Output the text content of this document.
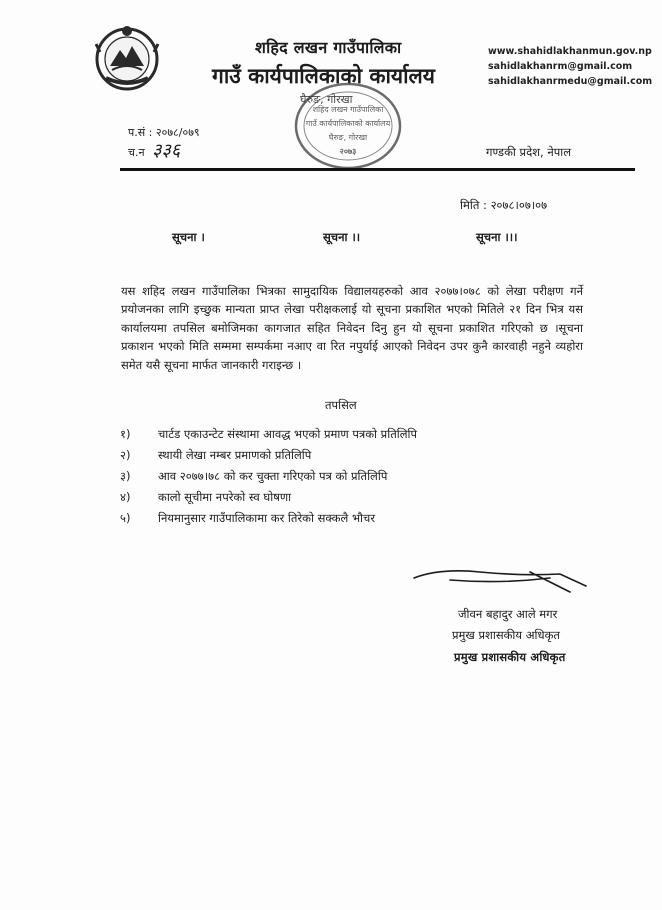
शहिद लखन गाउँपालिका
गाउँ कार्यपालिकाको कार्यालय
घैरुङ, गोरखा
www.shahidlakhanmun.gov.np
sahidlakhanrm@gmail.com
sahidlakhanrmedu@gmail.com
शहिद लखन गाउँपालिका
गाउँ कार्यपालिकाको कार्यालय
घैरुङ, गोरखा
२०७३
प.सं : २०७८/०७९
च.न ३३६	गण्डकी प्रदेश, नेपाल
मिति : २०७८।०७।०७
सूचना ।	सूचना ।।	सूचना ।।।

यस शहिद लखन गाउँपालिका भित्रका सामुदायिक विद्यालयहरुको आव २०७७।०७८ को लेखा परीक्षण गर्ने प्रयोजनका लागि इच्छुक मान्यता प्राप्त लेखा परीक्षकलाई यो सूचना प्रकाशित भएको मितिले २१ दिन भित्र यस कार्यालयमा तपसिल बमोजिमका कागजात सहित निवेदन दिनु हुन यो सूचना प्रकाशित गरिएको छ ।सूचना प्रकाशन भएको मिति सम्ममा सम्पर्कमा नआए वा रित नपुर्याई आएको निवेदन उपर कुनै कारवाही नहुने व्यहोरा समेत यसै सूचना मार्फत जानकारी गराइन्छ ।

तपसिल
१)	चार्टड एकाउन्टेट संस्थामा आवद्ध भएको प्रमाण पत्रको प्रतिलिपि
२)	स्थायी लेखा नम्बर प्रमाणको प्रतिलिपि
३)	आव २०७७।७८ को कर चुक्ता गरिएको पत्र को प्रतिलिपि
४)	कालो सूचीमा नपरेको स्व घोषणा
५)	नियमानुसार गाउँपालिकामा कर तिरेको सक्कलै भौचर
जीवन बहादुर आले मगर
प्रमुख प्रशासकीय अधिकृत
प्रमुख प्रशासकीय अधिकृत
